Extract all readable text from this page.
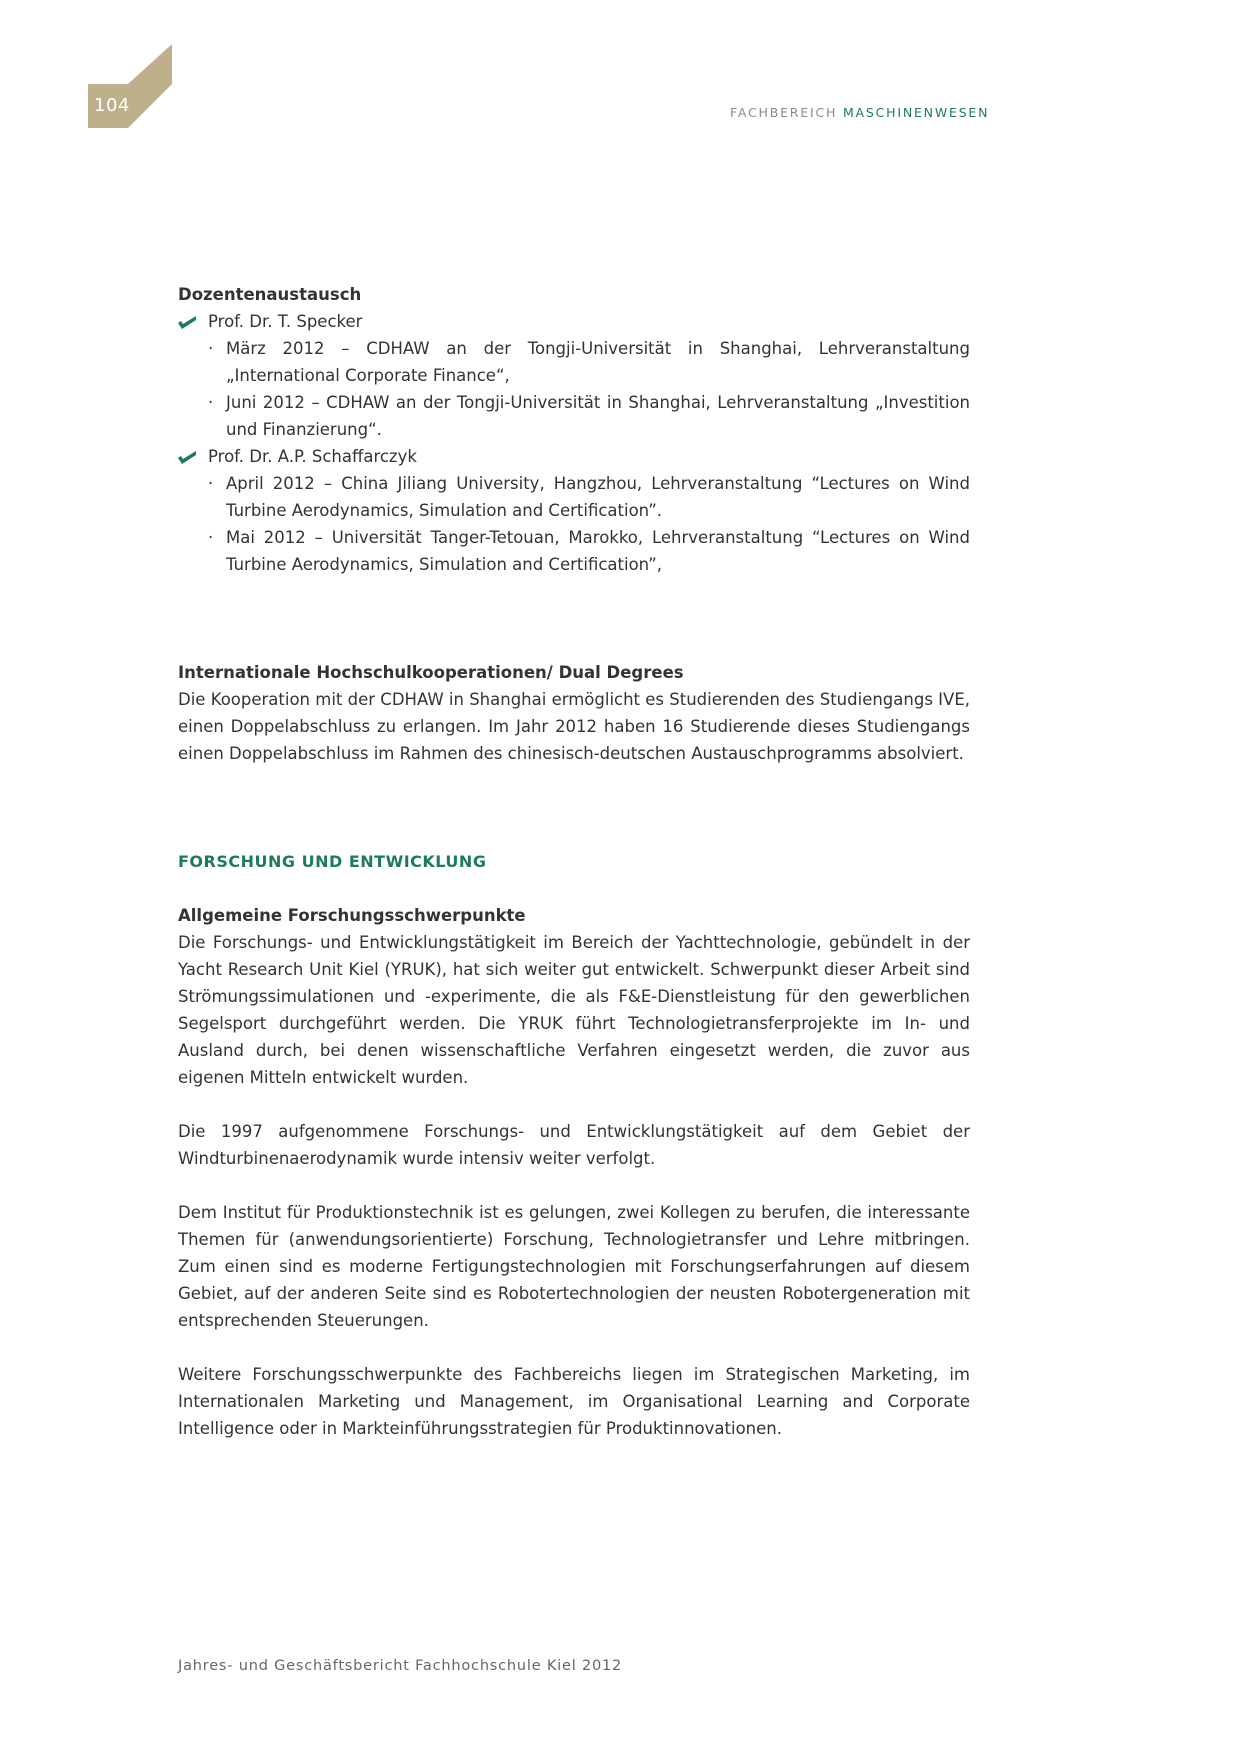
104	FACHBEREICH MASCHINENWESEN
Dozentenaustausch
Prof. Dr. T. Specker
· März 2012 – CDHAW an der Tongji-Universität in Shanghai, Lehrveranstaltung „International Corporate Finance“,
· Juni 2012 – CDHAW an der Tongji-Universität in Shanghai, Lehrveranstaltung „Investition und Finanzierung“.
Prof. Dr. A.P. Schaffarczyk
· April 2012 – China Jiliang University, Hangzhou, Lehrveranstaltung “Lectures on Wind Turbine Aerodynamics, Simulation and Certification”.
· Mai 2012 – Universität Tanger-Tetouan, Marokko, Lehrveranstaltung “Lectures on Wind Turbine Aerodynamics, Simulation and Certification”,
Internationale Hochschulkooperationen/ Dual Degrees

Die Kooperation mit der CDHAW in Shanghai ermöglicht es Studierenden des Studiengangs IVE, einen Doppelabschluss zu erlangen. Im Jahr 2012 haben 16 Studierende dieses Studiengangs einen Doppelabschluss im Rahmen des chinesisch-deutschen Austauschprogramms absolviert.

FORSCHUNG UND ENTWICKLUNG
Allgemeine Forschungsschwerpunkte

Die Forschungs- und Entwicklungstätigkeit im Bereich der Yachttechnologie, gebündelt in der Yacht Research Unit Kiel (YRUK), hat sich weiter gut entwickelt. Schwerpunkt dieser Arbeit sind Strömungssimulationen und -experimente, die als F&E-Dienstleistung für den gewerblichen Segelsport durchgeführt werden. Die YRUK führt Technologietransferprojekte im In- und Ausland durch, bei denen wissenschaftliche Verfahren eingesetzt werden, die zuvor aus eigenen Mitteln entwickelt wurden.

Die 1997 aufgenommene Forschungs- und Entwicklungstätigkeit auf dem Gebiet der Windturbinenaerodynamik wurde intensiv weiter verfolgt.

Dem Institut für Produktionstechnik ist es gelungen, zwei Kollegen zu berufen, die interessante Themen für (anwendungsorientierte) Forschung, Technologietransfer und Lehre mitbringen. Zum einen sind es moderne Fertigungstechnologien mit Forschungserfahrungen auf diesem Gebiet, auf der anderen Seite sind es Robotertechnologien der neusten Robotergeneration mit entsprechenden Steuerungen.

Weitere Forschungsschwerpunkte des Fachbereichs liegen im Strategischen Marketing, im Internationalen Marketing und Management, im Organisational Learning and Corporate Intelligence oder in Markteinführungsstrategien für Produktinnovationen.

Jahres- und Geschäftsbericht Fachhochschule Kiel 2012
